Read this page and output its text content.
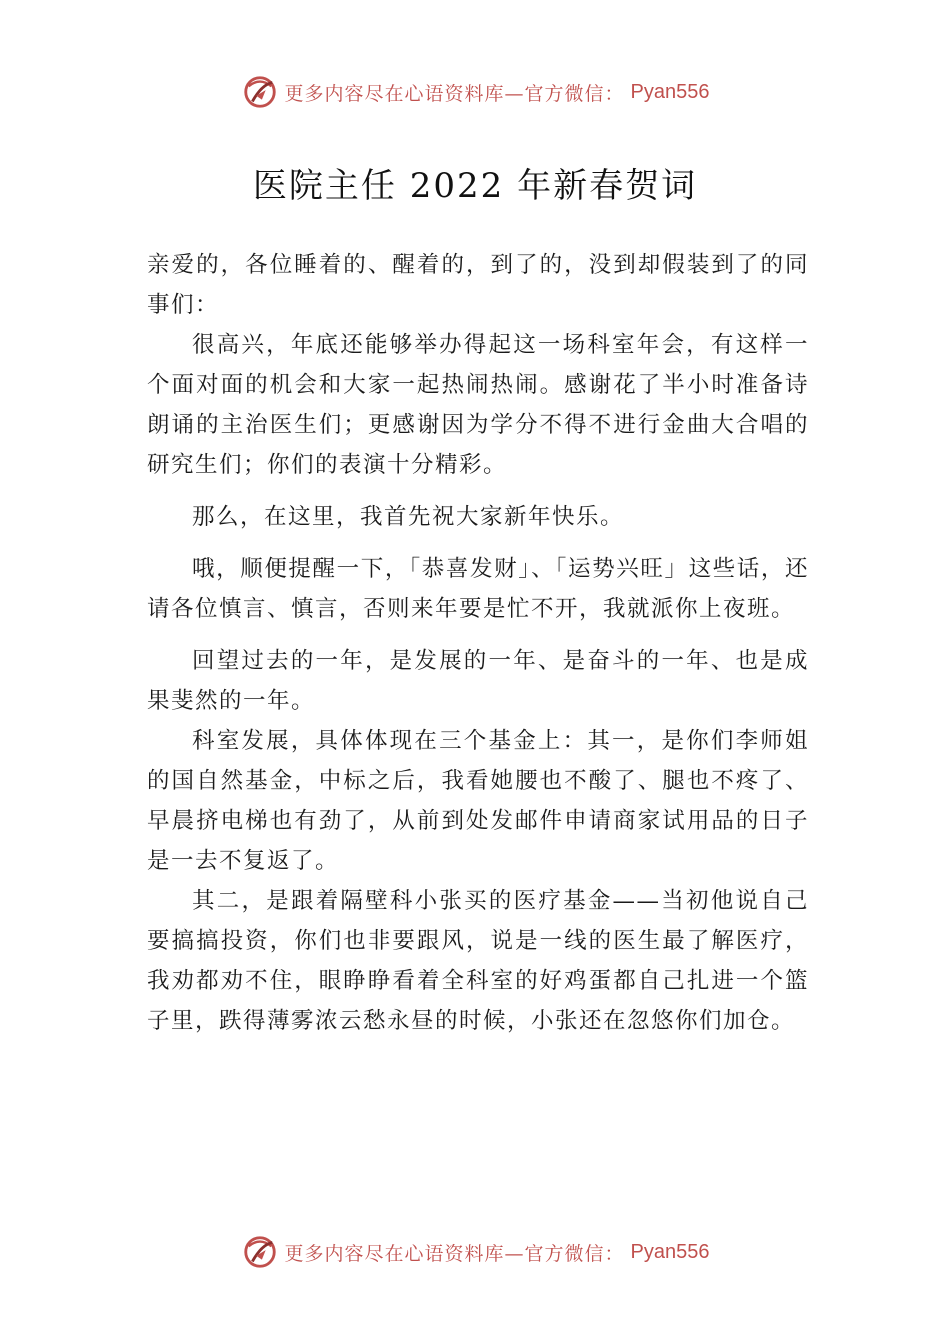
更多内容尽在心语资料库—官方微信： Pyan556
医院主任 2022 年新春贺词

亲爱的，各位睡着的、醒着的，到了的，没到却假装到了的同事们：

很高兴，年底还能够举办得起这一场科室年会，有这样一个面对面的机会和大家一起热闹热闹。感谢花了半小时准备诗朗诵的主治医生们；更感谢因为学分不得不进行金曲大合唱的研究生们；你们的表演十分精彩。

那么，在这里，我首先祝大家新年快乐。

哦，顺便提醒一下，「恭喜发财」、「运势兴旺」这些话，还请各位慎言、慎言，否则来年要是忙不开，我就派你上夜班。

回望过去的一年，是发展的一年、是奋斗的一年、也是成果斐然的一年。

科室发展，具体体现在三个基金上：其一，是你们李师姐的国自然基金，中标之后，我看她腰也不酸了、腿也不疼了、早晨挤电梯也有劲了，从前到处发邮件申请商家试用品的日子是一去不复返了。

其二，是跟着隔壁科小张买的医疗基金——当初他说自己要搞搞投资，你们也非要跟风，说是一线的医生最了解医疗，我劝都劝不住，眼睁睁看着全科室的好鸡蛋都自己扎进一个篮子里，跌得薄雾浓云愁永昼的时候，小张还在忽悠你们加仓。

更多内容尽在心语资料库—官方微信： Pyan556
